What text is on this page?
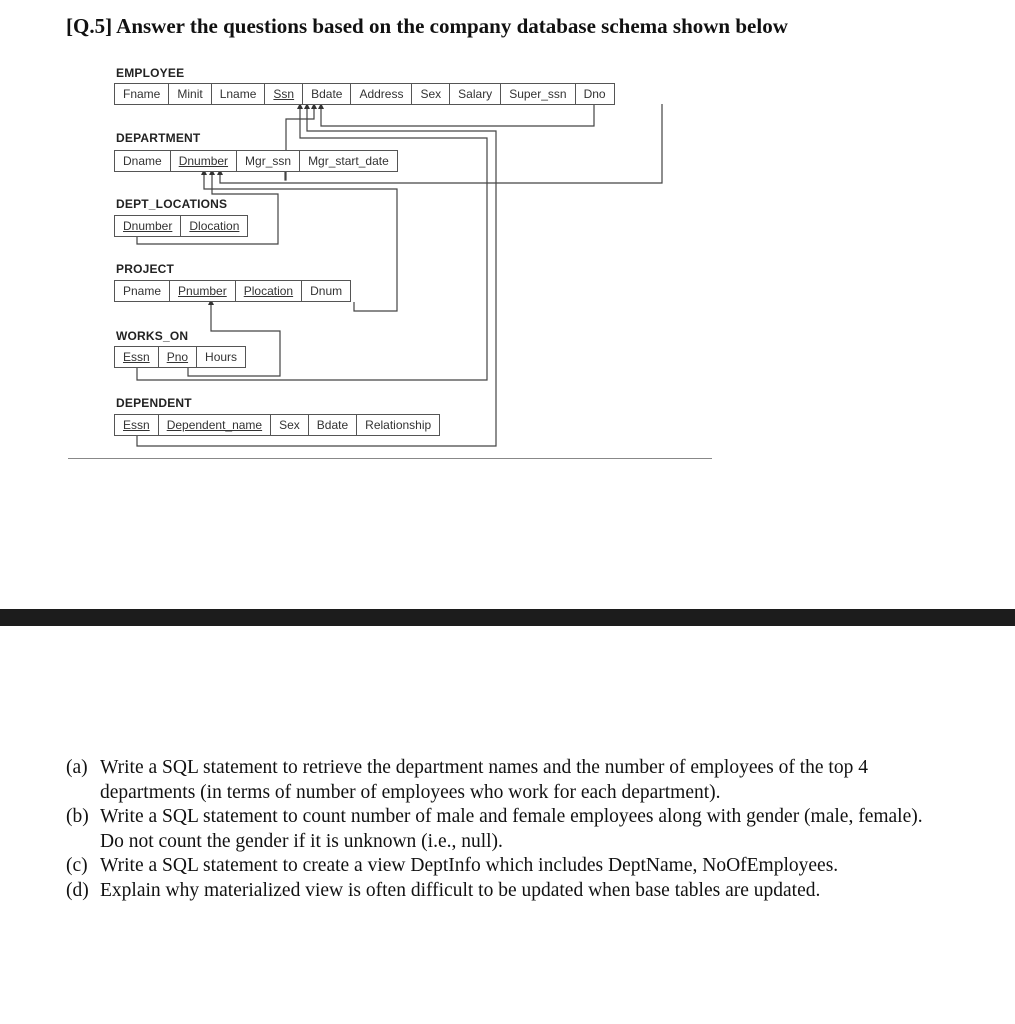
[Q.5] Answer the questions based on the company database schema shown below
EMPLOYEE
Fname	Minit	Lname	Ssn	Bdate	Address	Sex	Salary	Super_ssn	Dno
DEPARTMENT
Dname	Dnumber	Mgr_ssn	Mgr_start_date
DEPT_LOCATIONS
Dnumber	Dlocation
PROJECT
Pname	Pnumber	Plocation	Dnum
WORKS_ON
Essn	Pno	Hours
DEPENDENT
Essn	Dependent_name	Sex	Bdate	Relationship
(a) Write a SQL statement to retrieve the department names and the number of employees of the top 4 departments (in terms of number of employees who work for each department).
(b) Write a SQL statement to count number of male and female employees along with gender (male, female). Do not count the gender if it is unknown (i.e., null).
(c) Write a SQL statement to create a view DeptInfo which includes DeptName, NoOfEmployees.
(d) Explain why materialized view is often difficult to be updated when base tables are updated.
